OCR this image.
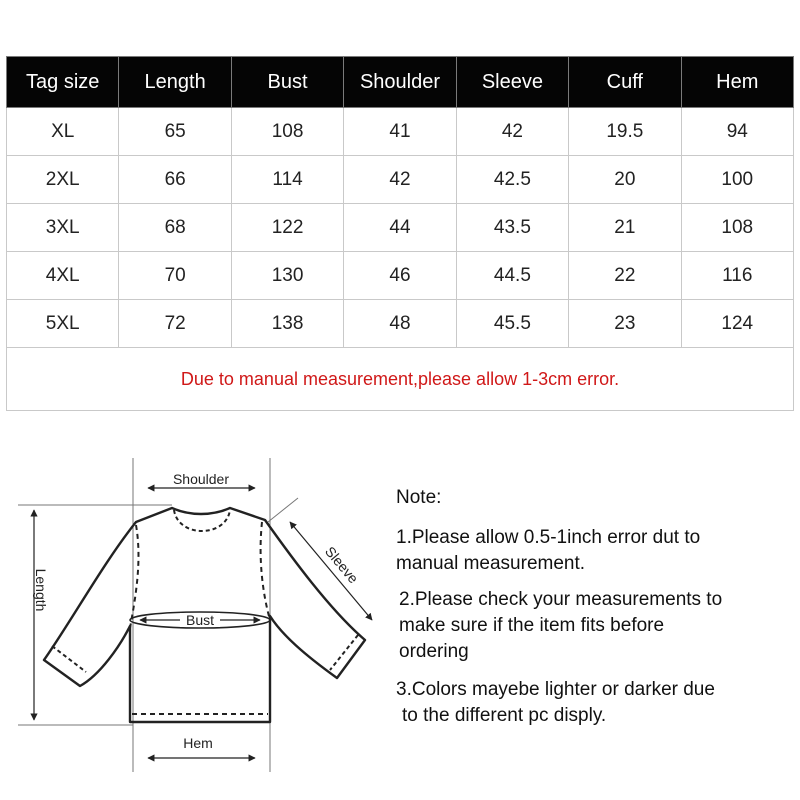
Tag size	Length	Bust	Shoulder	Sleeve	Cuff	Hem
XL	65	108	41	42	19.5	94
2XL	66	114	42	42.5	20	100
3XL	68	122	44	43.5	21	108
4XL	70	130	46	44.5	22	116
5XL	72	138	48	45.5	23	124
Due to manual measurement,please allow 1-3cm error.						
Shoulder
Sleeve
Length
Bust
Hem
Note:
1.Please allow 0.5-1inch error dut to
manual measurement.
2.Please check your measurements to
make sure if the item fits before
ordering
3.Colors mayebe lighter or darker due
to the different pc disply.
